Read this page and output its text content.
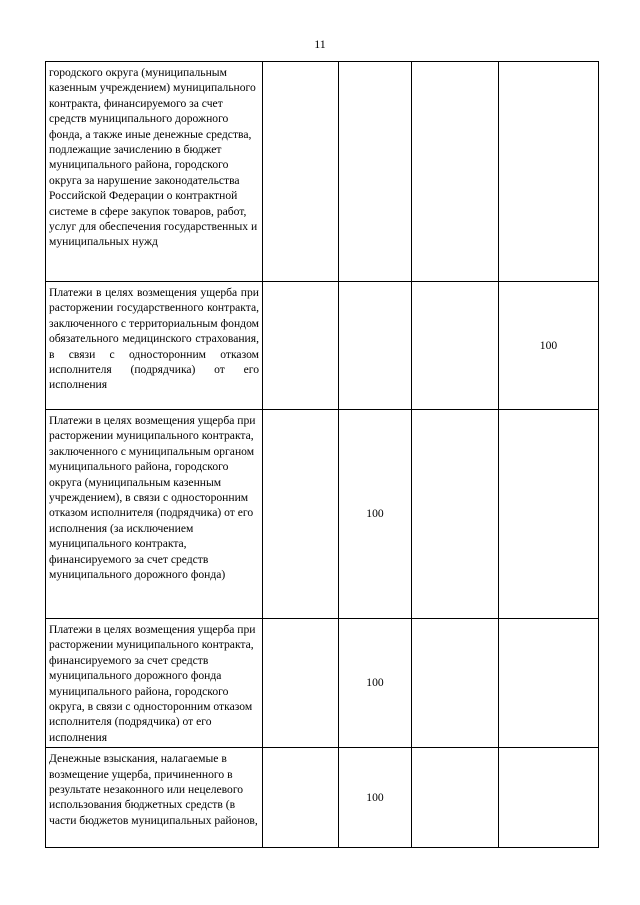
11
городского округа (муниципальным казенным учреждением) муниципального контракта, финансируемого за счет средств муниципального дорожного фонда, а также иные денежные средства, подлежащие зачислению в бюджет муниципального района, городского округа за нарушение законодательства Российской Федерации о контрактной системе в сфере закупок товаров, работ, услуг для обеспечения государственных и муниципальных нужд				
Платежи в целях возмещения ущерба при расторжении государственного контракта, заключенного с территориальным фондом обязательного медицинского страхования, в связи с односторонним отказом исполнителя (подрядчика) от его исполнения				100
Платежи в целях возмещения ущерба при расторжении муниципального контракта, заключенного с муниципальным органом муниципального района, городского округа (муниципальным казенным учреждением), в связи с односторонним отказом исполнителя (подрядчика) от его исполнения (за исключением муниципального контракта, финансируемого за счет средств муниципального дорожного фонда)		100		
Платежи в целях возмещения ущерба при расторжении муниципального контракта, финансируемого за счет средств муниципального дорожного фонда муниципального района, городского округа, в связи с односторонним отказом исполнителя (подрядчика) от его исполнения		100		
Денежные взыскания, налагаемые в возмещение ущерба, причиненного в результате незаконного или нецелевого использования бюджетных средств (в части бюджетов муниципальных районов,		100		
